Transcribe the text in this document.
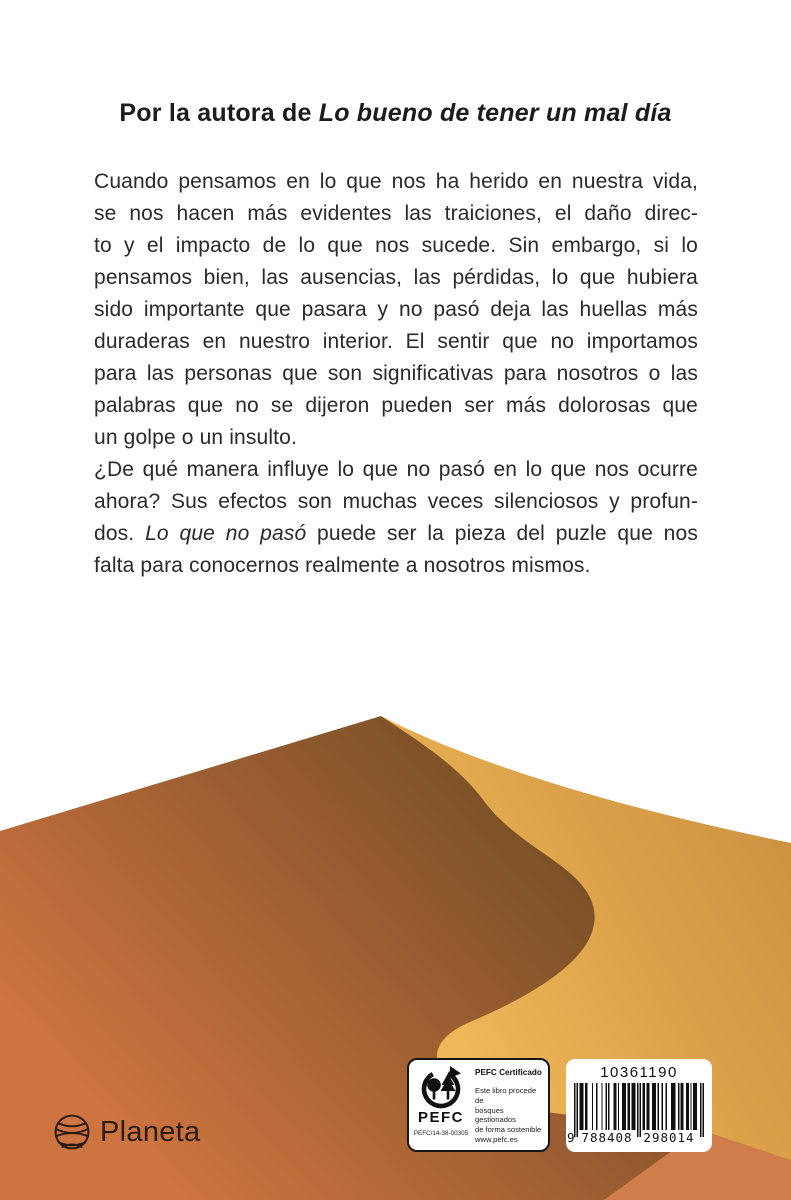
Por la autora de Lo bueno de tener un mal día
Cuando pensamos en lo que nos ha herido en nuestra vida,
se nos hacen más evidentes las traiciones, el daño direc-
to y el impacto de lo que nos sucede. Sin embargo, si lo
pensamos bien, las ausencias, las pérdidas, lo que hubiera
sido importante que pasara y no pasó deja las huellas más
duraderas en nuestro interior. El sentir que no importamos
para las personas que son significativas para nosotros o las
palabras que no se dijeron pueden ser más dolorosas que
un golpe o un insulto.
¿De qué manera influye lo que no pasó en lo que nos ocurre
ahora? Sus efectos son muchas veces silenciosos y profun-
dos. Lo que no pasó puede ser la pieza del puzle que nos
falta para conocernos realmente a nosotros mismos.
PEFC
PEFC/14-38-00305
PEFC Certificado
Este libro procede de
bosques gestionados
de forma sostenible
www.pefc.es
10361190
9 788408 298014
Planeta
